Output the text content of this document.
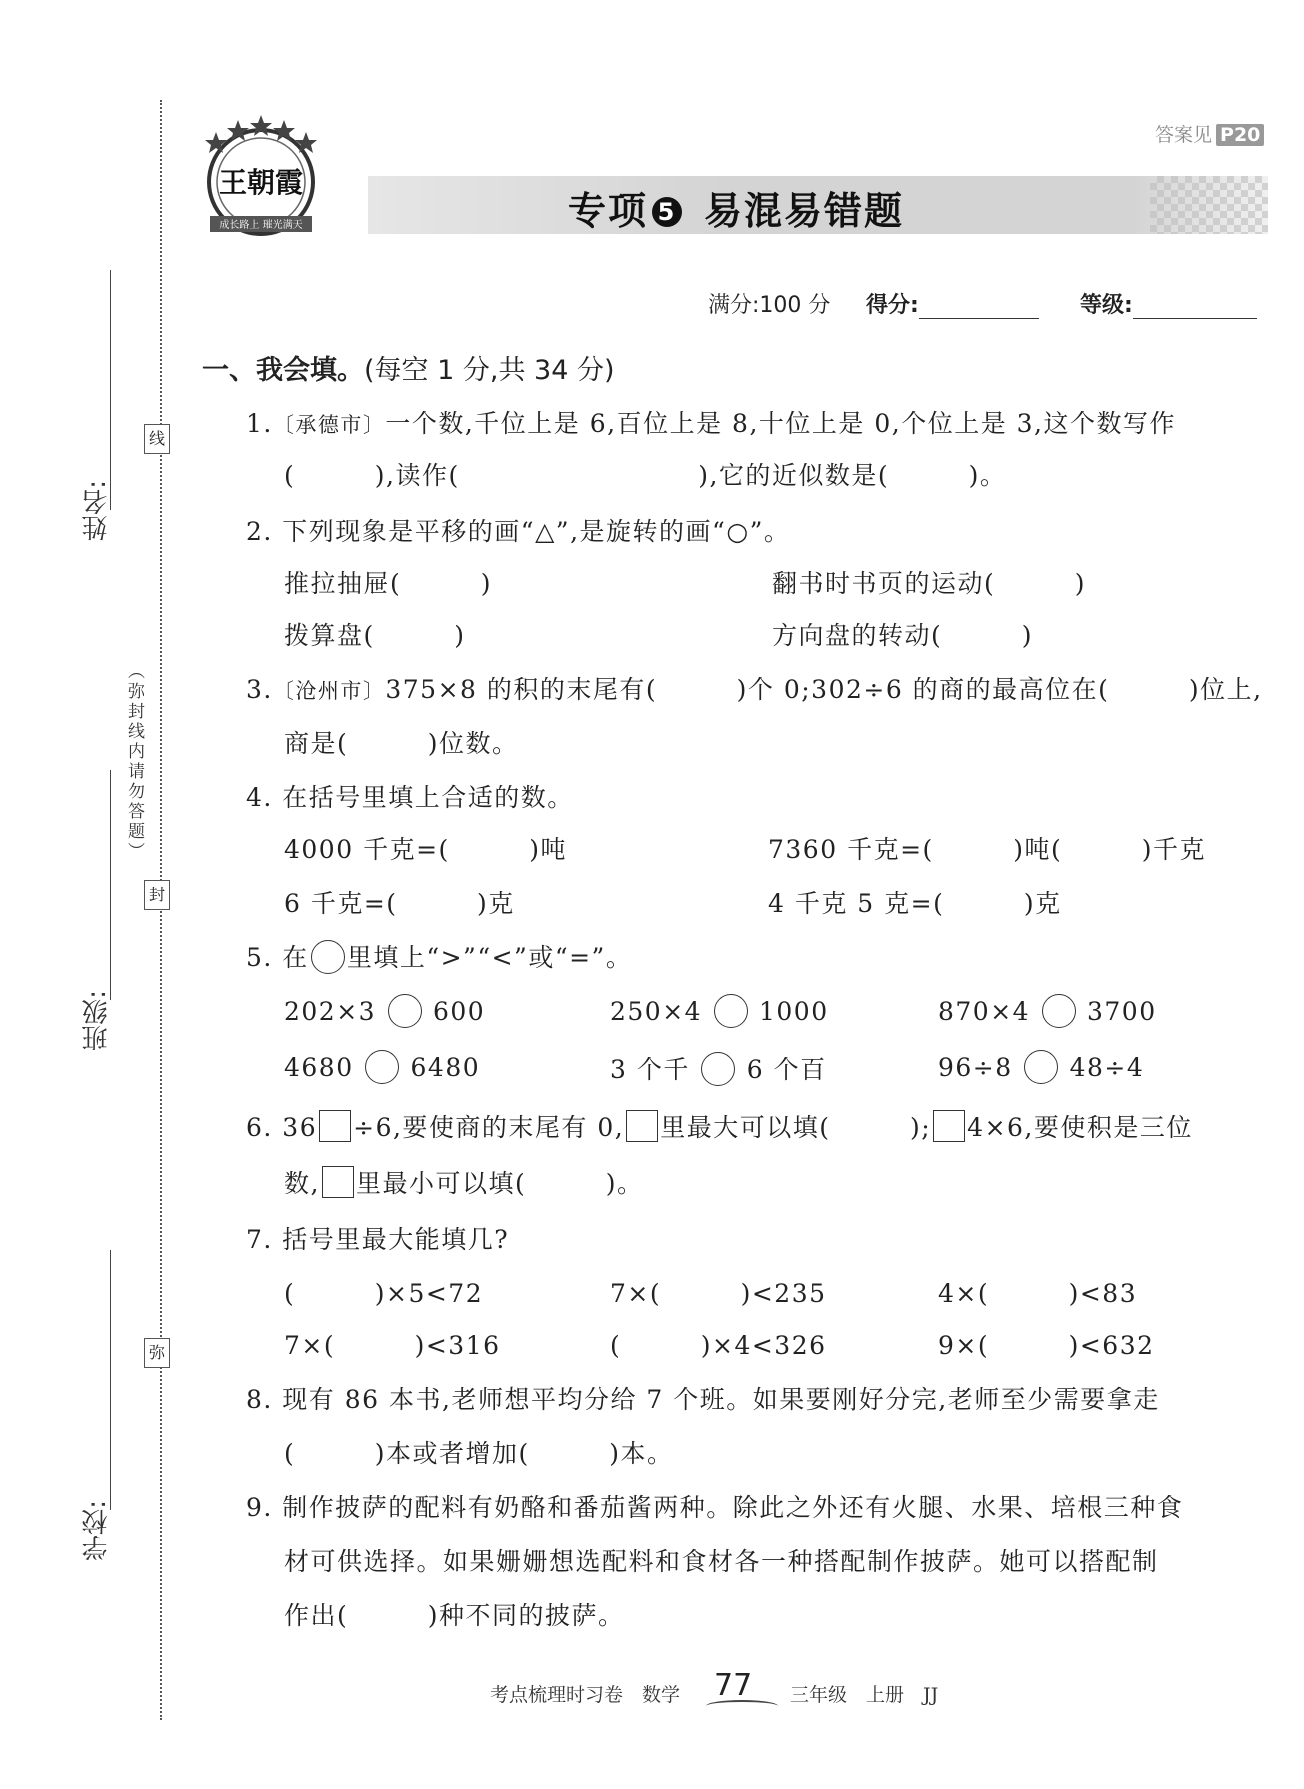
姓名:
班级:
学校:
线
封
弥
（弥封线内请勿答题）
答案见 P20
王朝霞
成长路上 璀光满天	专项 5 易混易错题
满分:100 分 得分:	等级:
一、我会填。(每空 1 分,共 34 分)
1.〔承德市〕一个数,千位上是 6,百位上是 8,十位上是 0,个位上是 3,这个数写作
(　　　),读作(　　　　　　　　　),它的近似数是(　　　)。
2. 下列现象是平移的画“△”,是旋转的画“○”。
推拉抽屉(　　　)	翻书时书页的运动(　　　)
拨算盘(　　　)	方向盘的转动(　　　)
3.〔沧州市〕375×8 的积的末尾有(　　　)个 0;302÷6 的商的最高位在(　　　)位上,
商是(　　　)位数。
4. 在括号里填上合适的数。
4000 千克=(　　　)吨	7360 千克=(　　　)吨(　　　)千克
6 千克=(　　　)克	4 千克 5 克=(　　　)克
5. 在 里填上“>”“<”或“=”。
202×3 600	250×4 1000	870×4 3700
4680 6480	3 个千 6 个百	96÷8 48÷4
6. 36 ÷6,要使商的末尾有 0, 里最大可以填(　　　); 4×6,要使积是三位
数, 里最小可以填(　　　)。
7. 括号里最大能填几?
(　　　)×5<72	7×(　　　)<235	4×(　　　)<83
7×(　　　)<316	(　　　)×4<326	9×(　　　)<632
8. 现有 86 本书,老师想平均分给 7 个班。如果要刚好分完,老师至少需要拿走
(　　　)本或者增加(　　　)本。
9. 制作披萨的配料有奶酪和番茄酱两种。除此之外还有火腿、水果、培根三种食
材可供选择。如果姗姗想选配料和食材各一种搭配制作披萨。她可以搭配制
作出(　　　)种不同的披萨。
考点梳理时习卷　数学 77 三年级　上册　JJ
